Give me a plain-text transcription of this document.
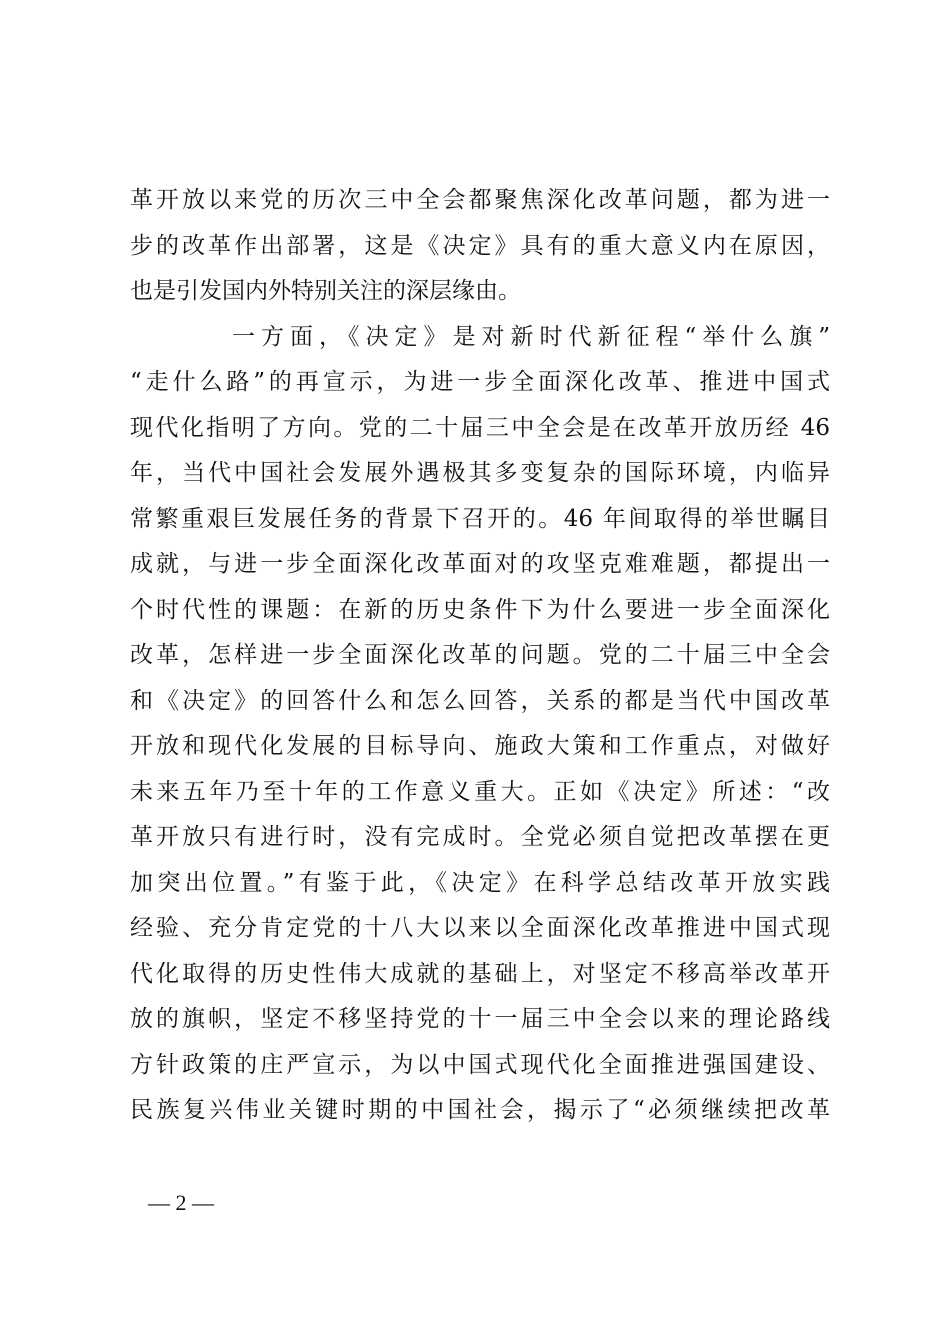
革开放以来党的历次三中全会都聚焦深化改革问题，都为进一
步的改革作出部署，这是《决定》具有的重大意义内在原因，
也是引发国内外特别关注的深层缘由。
一方面，《决定》是对新时代新征程“举什么旗”
“走什么路”的再宣示，为进一步全面深化改革、推进中国式
现代化指明了方向。党的二十届三中全会是在改革开放历经 46
年，当代中国社会发展外遇极其多变复杂的国际环境，内临异
常繁重艰巨发展任务的背景下召开的。46 年间取得的举世瞩目
成就，与进一步全面深化改革面对的攻坚克难难题，都提出一
个时代性的课题：在新的历史条件下为什么要进一步全面深化
改革，怎样进一步全面深化改革的问题。党的二十届三中全会
和《决定》的回答什么和怎么回答，关系的都是当代中国改革
开放和现代化发展的目标导向、施政大策和工作重点，对做好
未来五年乃至十年的工作意义重大。正如《决定》所述：“改
革开放只有进行时，没有完成时。全党必须自觉把改革摆在更
加突出位置。”有鉴于此，《决定》在科学总结改革开放实践
经验、充分肯定党的十八大以来以全面深化改革推进中国式现
代化取得的历史性伟大成就的基础上，对坚定不移高举改革开
放的旗帜，坚定不移坚持党的十一届三中全会以来的理论路线
方针政策的庄严宣示，为以中国式现代化全面推进强国建设、
民族复兴伟业关键时期的中国社会，揭示了“必须继续把改革
— 2 —
